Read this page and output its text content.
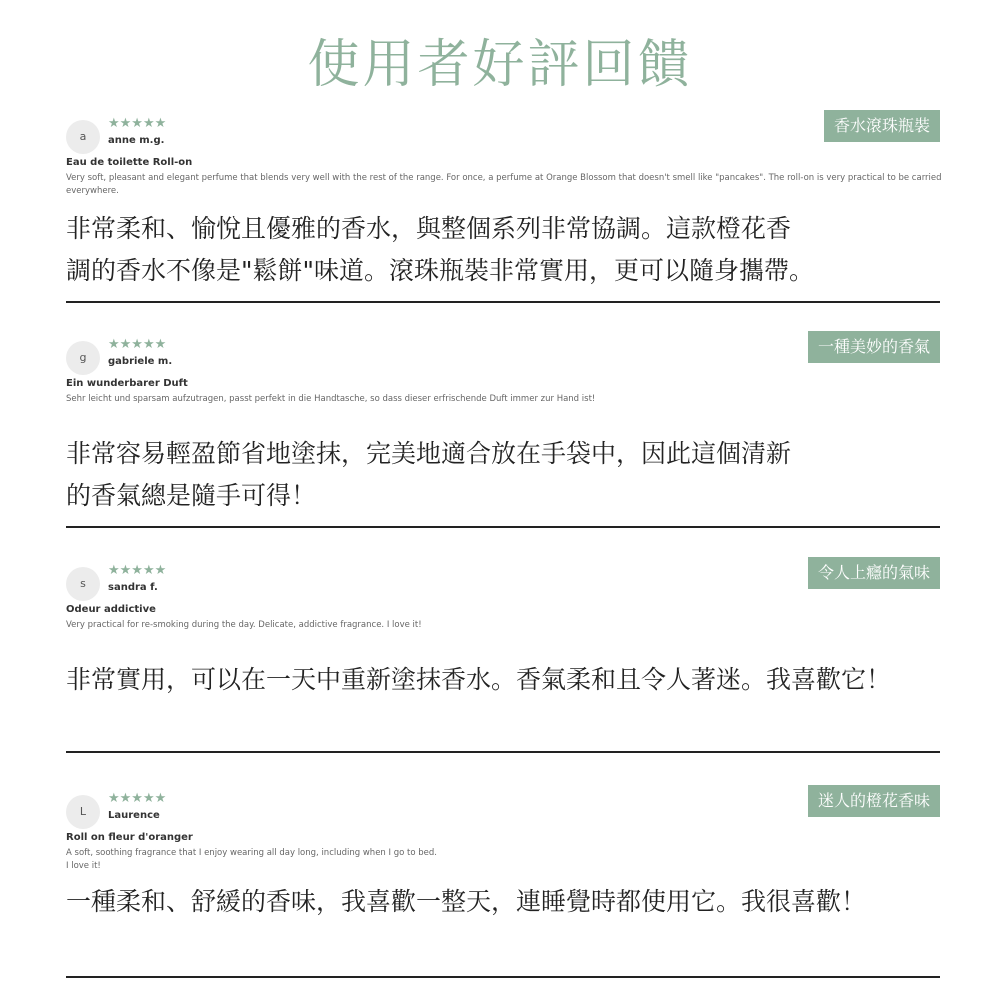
使用者好評回饋
a
★★★★★
anne m.g.
Eau de toilette Roll-on
Very soft, pleasant and elegant perfume that blends very well with the rest of the range. For once, a perfume at Orange Blossom that doesn't smell like "pancakes". The roll-on is very practical to be carried everywhere.
非常柔和、愉悅且優雅的香水，與整個系列非常協調。這款橙花香
調的香水不像是"鬆餅"味道。滾珠瓶裝非常實用，更可以隨身攜帶。
香水滾珠瓶裝
g
★★★★★
gabriele m.
Ein wunderbarer Duft
Sehr leicht und sparsam aufzutragen, passt perfekt in die Handtasche, so dass dieser erfrischende Duft immer zur Hand ist!
非常容易輕盈節省地塗抹，完美地適合放在手袋中，因此這個清新
的香氣總是隨手可得！
一種美妙的香氣
s
★★★★★
sandra f.
Odeur addictive
Very practical for re-smoking during the day. Delicate, addictive fragrance. I love it!
非常實用，可以在一天中重新塗抹香水。香氣柔和且令人著迷。我喜歡它！
令人上癮的氣味
L
★★★★★
Laurence
Roll on fleur d'oranger
A soft, soothing fragrance that I enjoy wearing all day long, including when I go to bed.
I love it!
一種柔和、舒緩的香味，我喜歡一整天，連睡覺時都使用它。我很喜歡！
迷人的橙花香味
